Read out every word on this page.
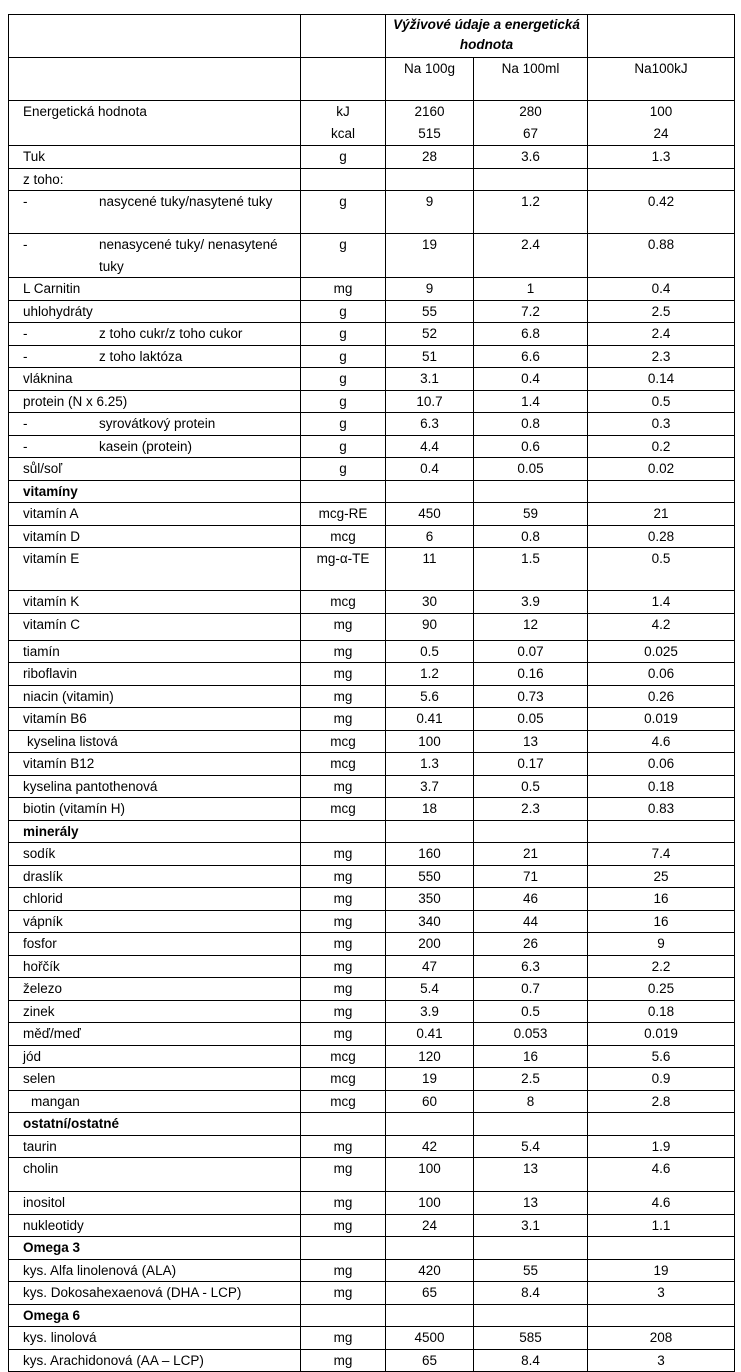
		Výživové údaje a energetická hodnota		
		Na 100g	Na 100ml	Na100kJ
Energetická hodnota	kJ kcal	2160 515	280 67	100 24
Tuk	g	28	3.6	1.3
z toho:				
- nasycené tuky/nasytené tuky	g	9	1.2	0.42
- nenasycené tuky/ nenasytené tuky	g	19	2.4	0.88
L Carnitin	mg	9	1	0.4
uhlohydráty	g	55	7.2	2.5
- z toho cukr/z toho cukor	g	52	6.8	2.4
- z toho laktóza	g	51	6.6	2.3
vláknina	g	3.1	0.4	0.14
protein (N x 6.25)	g	10.7	1.4	0.5
- syrovátkový protein	g	6.3	0.8	0.3
- kasein (protein)	g	4.4	0.6	0.2
sůl/soľ	g	0.4	0.05	0.02
vitamíny				
vitamín A	mcg-RE	450	59	21
vitamín D	mcg	6	0.8	0.28
vitamín E	mg-α-TE	11	1.5	0.5
vitamín K	mcg	30	3.9	1.4
vitamín C	mg	90	12	4.2
tiamín	mg	0.5	0.07	0.025
riboflavin	mg	1.2	0.16	0.06
niacin (vitamin)	mg	5.6	0.73	0.26
vitamín B6	mg	0.41	0.05	0.019
kyselina listová	mcg	100	13	4.6
vitamín B12	mcg	1.3	0.17	0.06
kyselina pantothenová	mg	3.7	0.5	0.18
biotin (vitamín H)	mcg	18	2.3	0.83
minerály				
sodík	mg	160	21	7.4
draslík	mg	550	71	25
chlorid	mg	350	46	16
vápník	mg	340	44	16
fosfor	mg	200	26	9
hořčík	mg	47	6.3	2.2
železo	mg	5.4	0.7	0.25
zinek	mg	3.9	0.5	0.18
měď/meď	mg	0.41	0.053	0.019
jód	mcg	120	16	5.6
selen	mcg	19	2.5	0.9
mangan	mcg	60	8	2.8
ostatní/ostatné				
taurin	mg	42	5.4	1.9
cholin	mg	100	13	4.6
inositol	mg	100	13	4.6
nukleotidy	mg	24	3.1	1.1
Omega 3				
kys. Alfa linolenová (ALA)	mg	420	55	19
kys. Dokosahexaenová (DHA - LCP)	mg	65	8.4	3
Omega 6				
kys. linolová	mg	4500	585	208
kys. Arachidonová (AA – LCP)	mg	65	8.4	3
